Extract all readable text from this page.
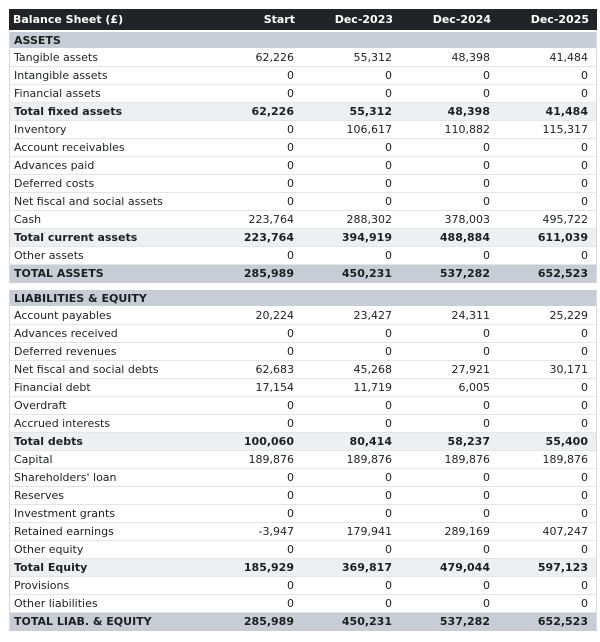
Balance Sheet (£)	Start	Dec-2023	Dec-2024	Dec-2025
ASSETS
Tangible assets	62,226	55,312	48,398	41,484
Intangible assets	0	0	0	0
Financial assets	0	0	0	0
Total fixed assets	62,226	55,312	48,398	41,484
Inventory	0	106,617	110,882	115,317
Account receivables	0	0	0	0
Advances paid	0	0	0	0
Deferred costs	0	0	0	0
Net fiscal and social assets	0	0	0	0
Cash	223,764	288,302	378,003	495,722
Total current assets	223,764	394,919	488,884	611,039
Other assets	0	0	0	0
TOTAL ASSETS	285,989	450,231	537,282	652,523
LIABILITIES & EQUITY
Account payables	20,224	23,427	24,311	25,229
Advances received	0	0	0	0
Deferred revenues	0	0	0	0
Net fiscal and social debts	62,683	45,268	27,921	30,171
Financial debt	17,154	11,719	6,005	0
Overdraft	0	0	0	0
Accrued interests	0	0	0	0
Total debts	100,060	80,414	58,237	55,400
Capital	189,876	189,876	189,876	189,876
Shareholders' loan	0	0	0	0
Reserves	0	0	0	0
Investment grants	0	0	0	0
Retained earnings	-3,947	179,941	289,169	407,247
Other equity	0	0	0	0
Total Equity	185,929	369,817	479,044	597,123
Provisions	0	0	0	0
Other liabilities	0	0	0	0
TOTAL LIAB. & EQUITY	285,989	450,231	537,282	652,523
